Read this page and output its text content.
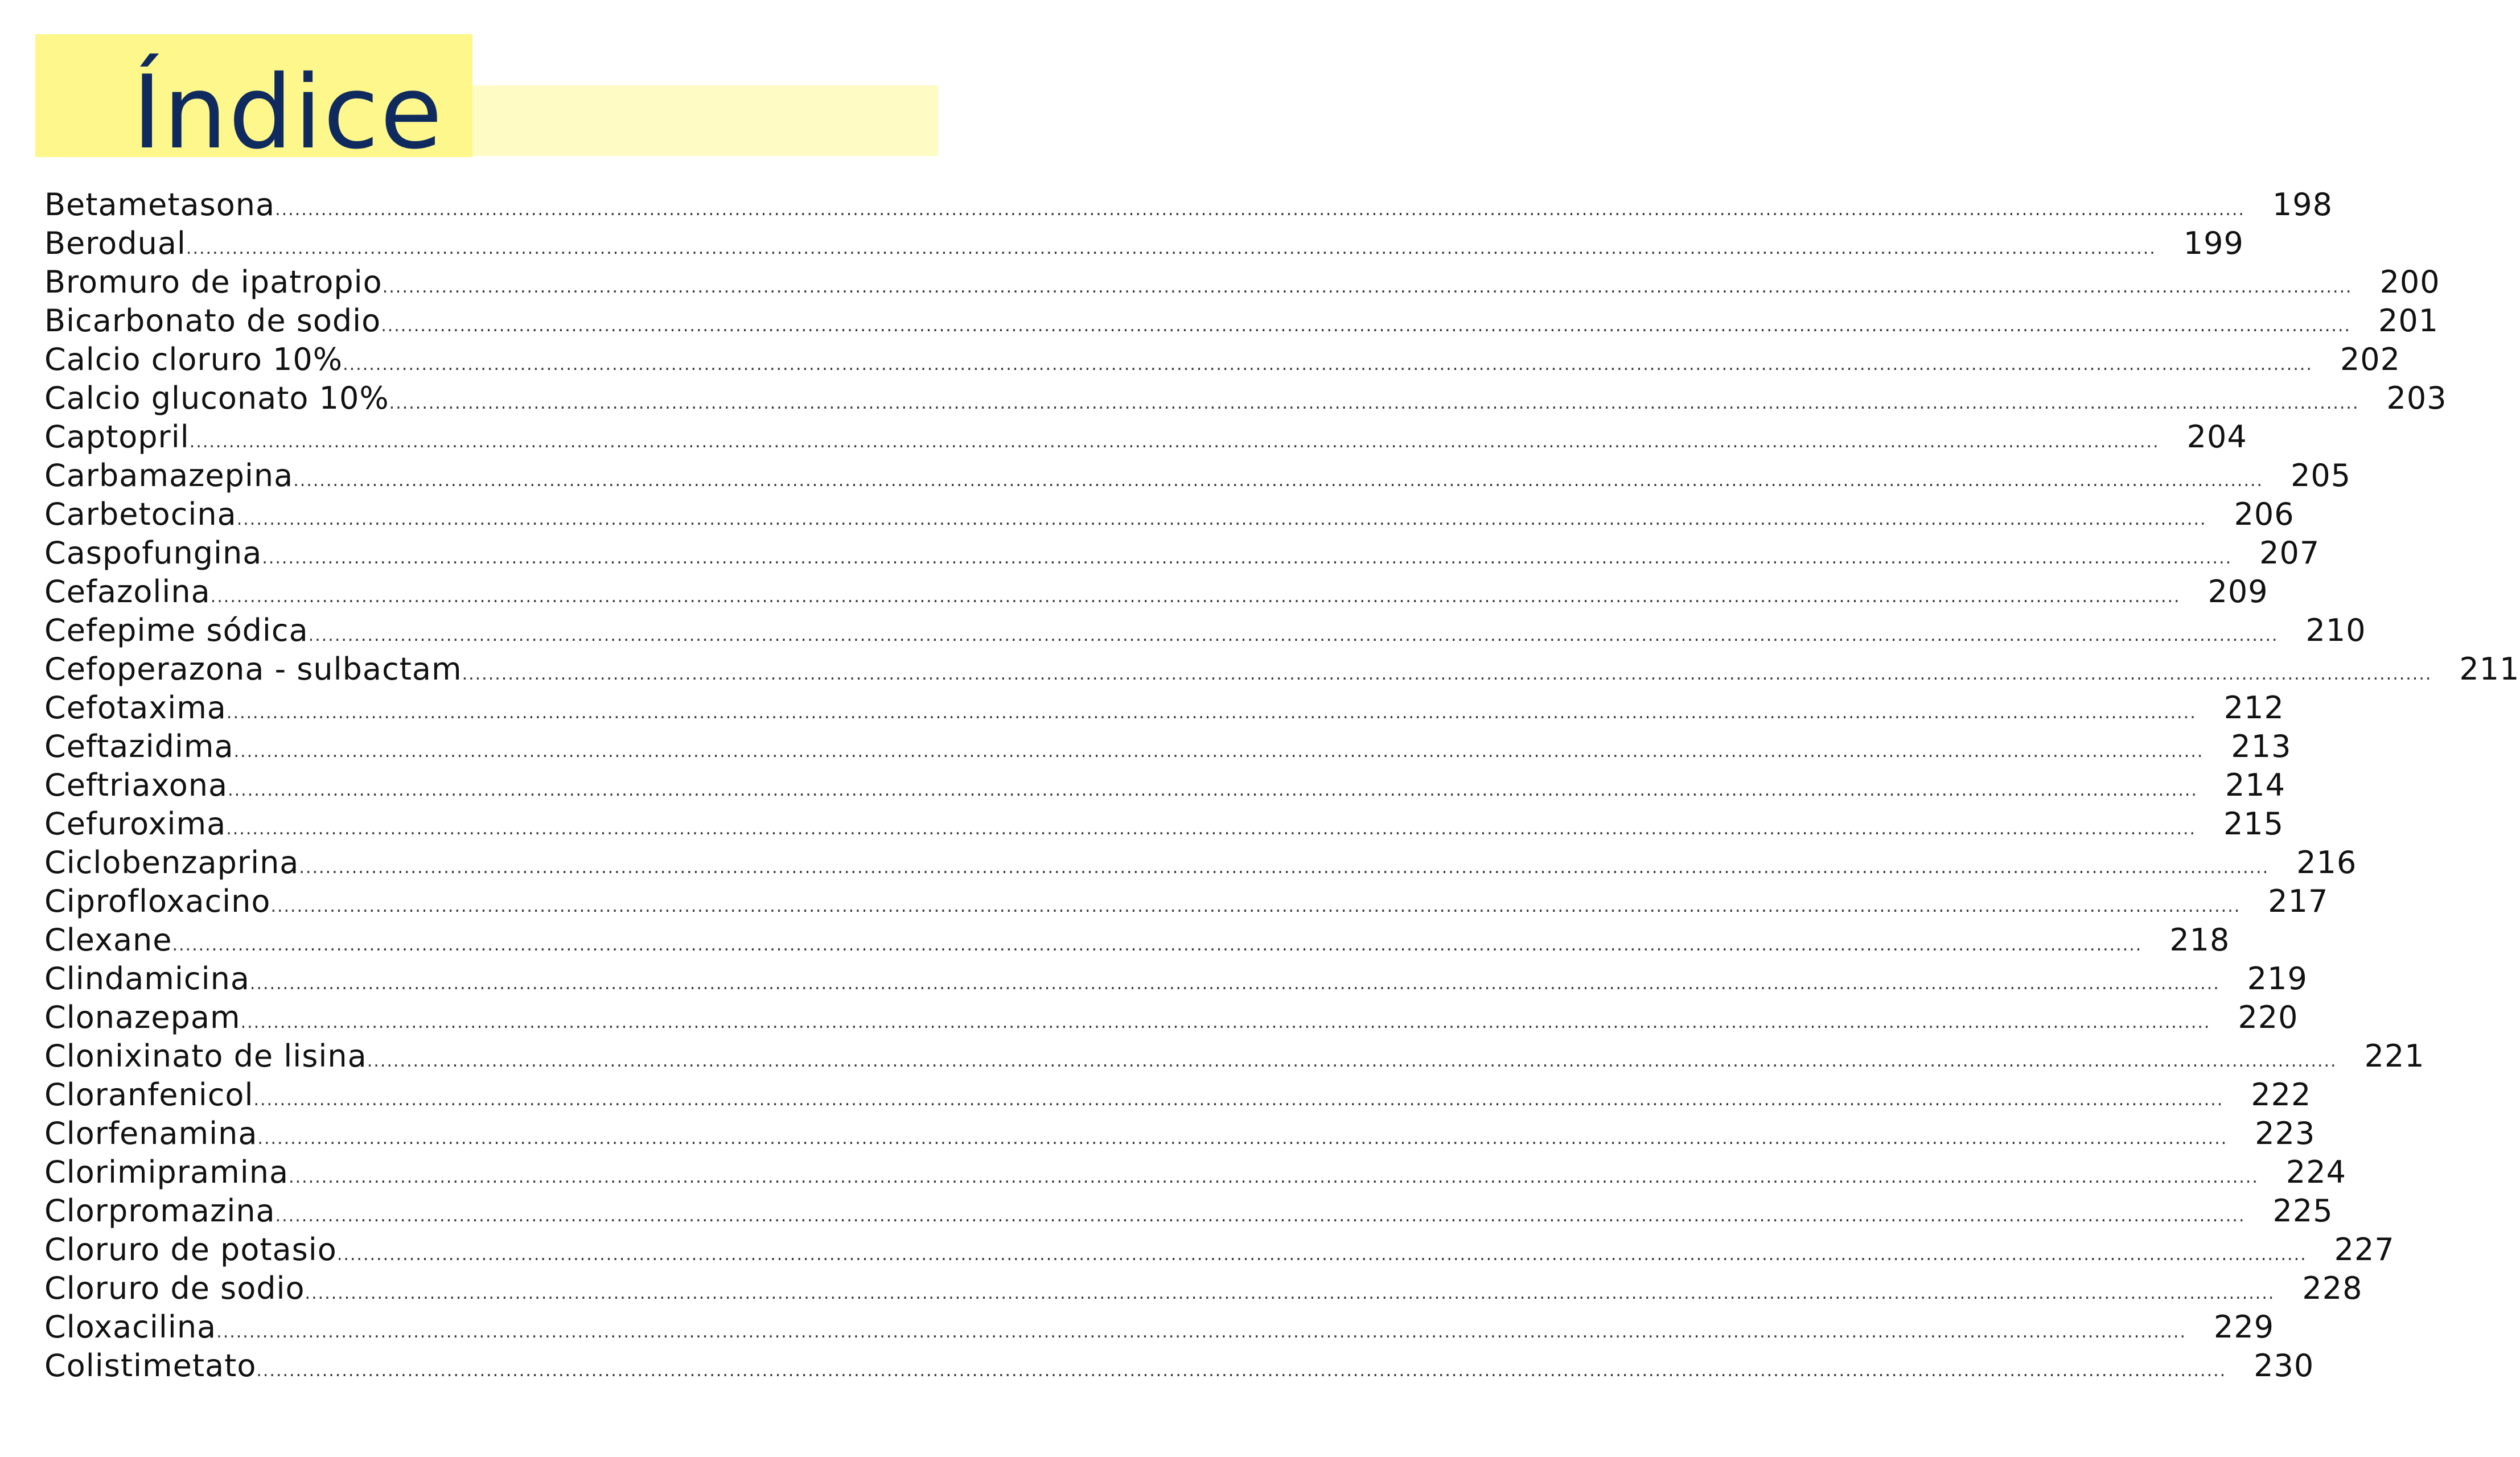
Índice
Betametasona ............................................................................................................................................................................................................................................................................................................ 198
Berodual ............................................................................................................................................................................................................................................................................................................ 199
Bromuro de ipatropio ............................................................................................................................................................................................................................................................................................................ 200
Bicarbonato de sodio ............................................................................................................................................................................................................................................................................................................ 201
Calcio cloruro 10% ............................................................................................................................................................................................................................................................................................................ 202
Calcio gluconato 10% ............................................................................................................................................................................................................................................................................................................ 203
Captopril ............................................................................................................................................................................................................................................................................................................ 204
Carbamazepina ............................................................................................................................................................................................................................................................................................................ 205
Carbetocina ............................................................................................................................................................................................................................................................................................................ 206
Caspofungina ............................................................................................................................................................................................................................................................................................................ 207
Cefazolina ............................................................................................................................................................................................................................................................................................................ 209
Cefepime sódica ............................................................................................................................................................................................................................................................................................................ 210
Cefoperazona - sulbactam ............................................................................................................................................................................................................................................................................................................ 211
Cefotaxima ............................................................................................................................................................................................................................................................................................................ 212
Ceftazidima ............................................................................................................................................................................................................................................................................................................ 213
Ceftriaxona ............................................................................................................................................................................................................................................................................................................ 214
Cefuroxima ............................................................................................................................................................................................................................................................................................................ 215
Ciclobenzaprina ............................................................................................................................................................................................................................................................................................................ 216
Ciprofloxacino ............................................................................................................................................................................................................................................................................................................ 217
Clexane ............................................................................................................................................................................................................................................................................................................ 218
Clindamicina ............................................................................................................................................................................................................................................................................................................ 219
Clonazepam ............................................................................................................................................................................................................................................................................................................ 220
Clonixinato de lisina ............................................................................................................................................................................................................................................................................................................ 221
Cloranfenicol ............................................................................................................................................................................................................................................................................................................ 222
Clorfenamina ............................................................................................................................................................................................................................................................................................................ 223
Clorimipramina ............................................................................................................................................................................................................................................................................................................ 224
Clorpromazina ............................................................................................................................................................................................................................................................................................................ 225
Cloruro de potasio ............................................................................................................................................................................................................................................................................................................ 227
Cloruro de sodio ............................................................................................................................................................................................................................................................................................................ 228
Cloxacilina ............................................................................................................................................................................................................................................................................................................ 229
Colistimetato ............................................................................................................................................................................................................................................................................................................ 230
